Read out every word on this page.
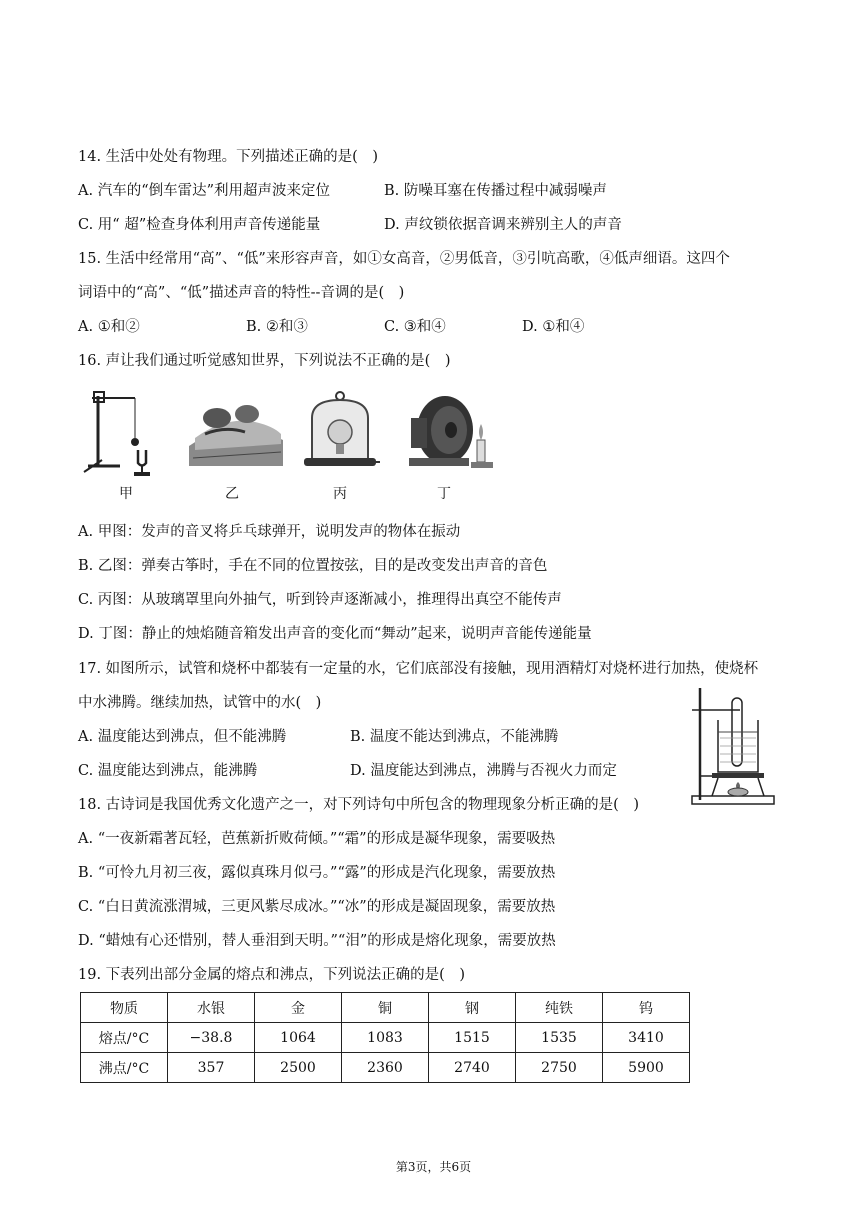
14. 生活中处处有物理。下列描述正确的是(　)
A. 汽车的“倒车雷达”利用超声波来定位	B. 防噪耳塞在传播过程中减弱噪声
C. 用“ 超”检查身体利用声音传递能量	D. 声纹锁依据音调来辨别主人的声音
15. 生活中经常用“高”、“低”来形容声音，如①女高音，②男低音，③引吭高歌，④低声细语。这四个
词语中的“高”、“低”描述声音的特性--音调的是(　)
A. ①和②	B. ②和③	C. ③和④	D. ①和④
16. 声让我们通过听觉感知世界，下列说法不正确的是(　)
甲	乙	丙	丁
A. 甲图：发声的音叉将乒乓球弹开，说明发声的物体在振动
B. 乙图：弹奏古筝时，手在不同的位置按弦，目的是改变发出声音的音色
C. 丙图：从玻璃罩里向外抽气，听到铃声逐渐减小，推理得出真空不能传声
D. 丁图：静止的烛焰随音箱发出声音的变化而“舞动”起来，说明声音能传递能量
17. 如图所示，试管和烧杯中都装有一定量的水，它们底部没有接触，现用酒精灯对烧杯进行加热，使烧杯
中水沸腾。继续加热，试管中的水(　)
A. 温度能达到沸点，但不能沸腾	B. 温度不能达到沸点，不能沸腾
C. 温度能达到沸点，能沸腾	D. 温度能达到沸点，沸腾与否视火力而定
18. 古诗词是我国优秀文化遗产之一，对下列诗句中所包含的物理现象分析正确的是(　)
A. “一夜新霜著瓦轻，芭蕉新折败荷倾。”“霜”的形成是凝华现象，需要吸热
B. “可怜九月初三夜，露似真珠月似弓。”“露”的形成是汽化现象，需要放热
C. “白日黄流涨渭城，三更风紫尽成冰。”“冰”的形成是凝固现象，需要放热
D. “蜡烛有心还惜别，替人垂泪到天明。”“泪”的形成是熔化现象，需要放热
19. 下表列出部分金属的熔点和沸点，下列说法正确的是(　)
物质	水银	金	铜	钢	纯铁	钨
熔点/°C	−38.8	1064	1083	1515	1535	3410
沸点/°C	357	2500	2360	2740	2750	5900
第3页，共6页
